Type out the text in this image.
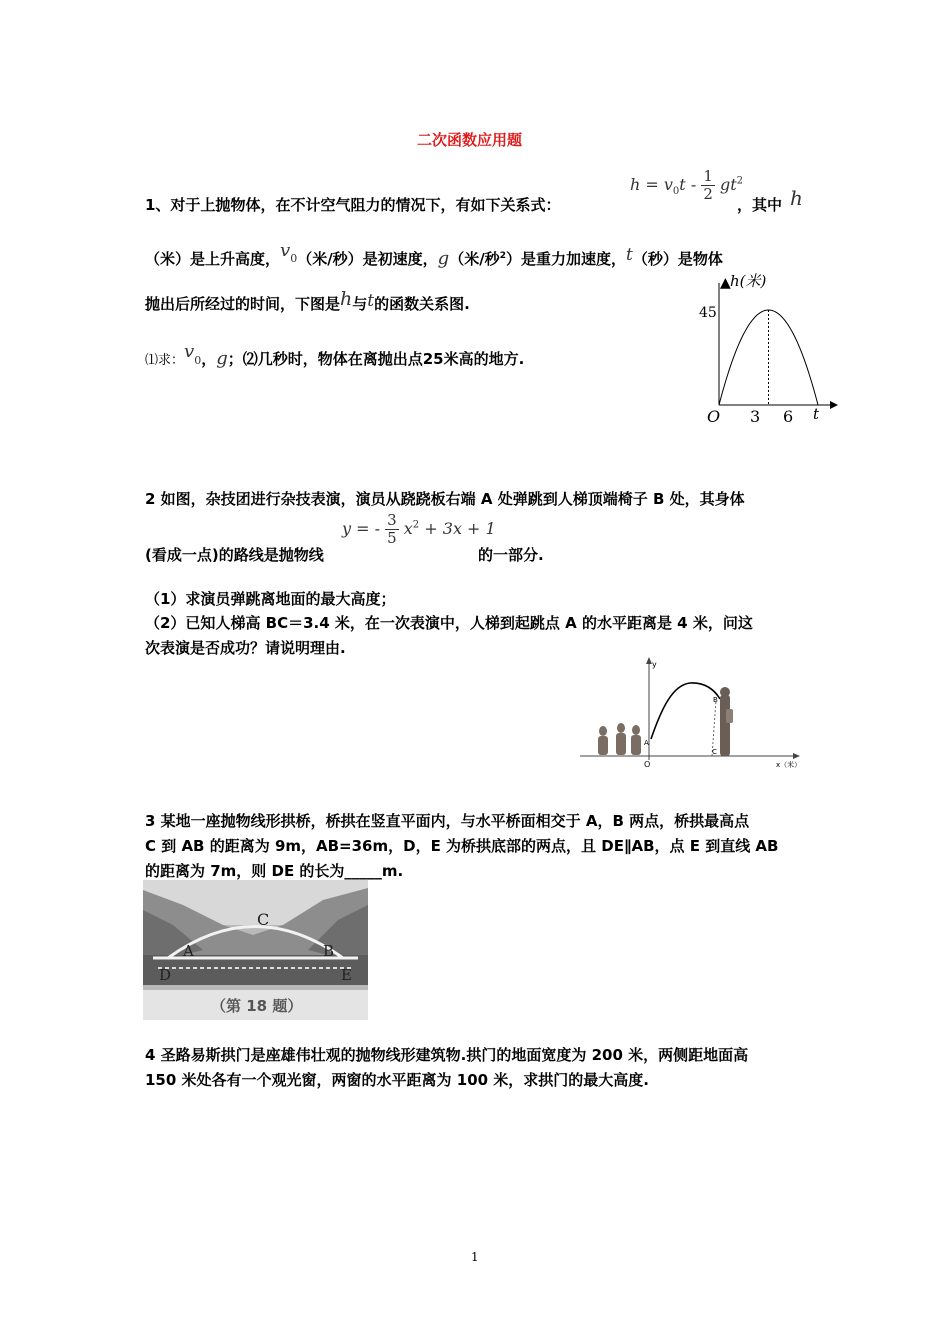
二次函数应用题
1、对于上抛物体，在不计空气阻力的情况下，有如下关系式：
$h = v_0t - \frac{1}{2} gt^2$
，其中 h
（米）是上升高度，$v_0$（米/秒）是初速度，g（米/秒$^2$）是重力加速度，t（秒）是物体
抛出后所经过的时间，下图是h与t的函数关系图.
⑴求：$v_0$，g；⑵几秒时，物体在离抛出点25米高的地方.
▲ h(米)
45
O 3 6 t
2 如图，杂技团进行杂技表演，演员从跷跷板右端 A 处弹跳到人梯顶端椅子 B 处，其身体
(看成一点)的路线是抛物线
y = - $\frac{3}{5} x^2 + 3x + 1$
的一部分.
（1）求演员弹跳离地面的最大高度；
（2）已知人梯高 BC＝3.4 米，在一次表演中，人梯到起跳点 A 的水平距离是 4 米，问这
次表演是否成功？请说明理由.
O
y
x（米）
A
B
C
3 某地一座抛物线形拱桥，桥拱在竖直平面内，与水平桥面相交于 A，B 两点，桥拱最高点
C 到 AB 的距离为 9m，AB=36m，D，E 为桥拱底部的两点，且 DE∥AB，点 E 到直线 AB
的距离为 7m，则 DE 的长为_____m.
C
A	B
D	E
（第 18 题）
4 圣路易斯拱门是座雄伟壮观的抛物线形建筑物.拱门的地面宽度为 200 米，两侧距地面高
150 米处各有一个观光窗，两窗的水平距离为 100 米，求拱门的最大高度.
1
